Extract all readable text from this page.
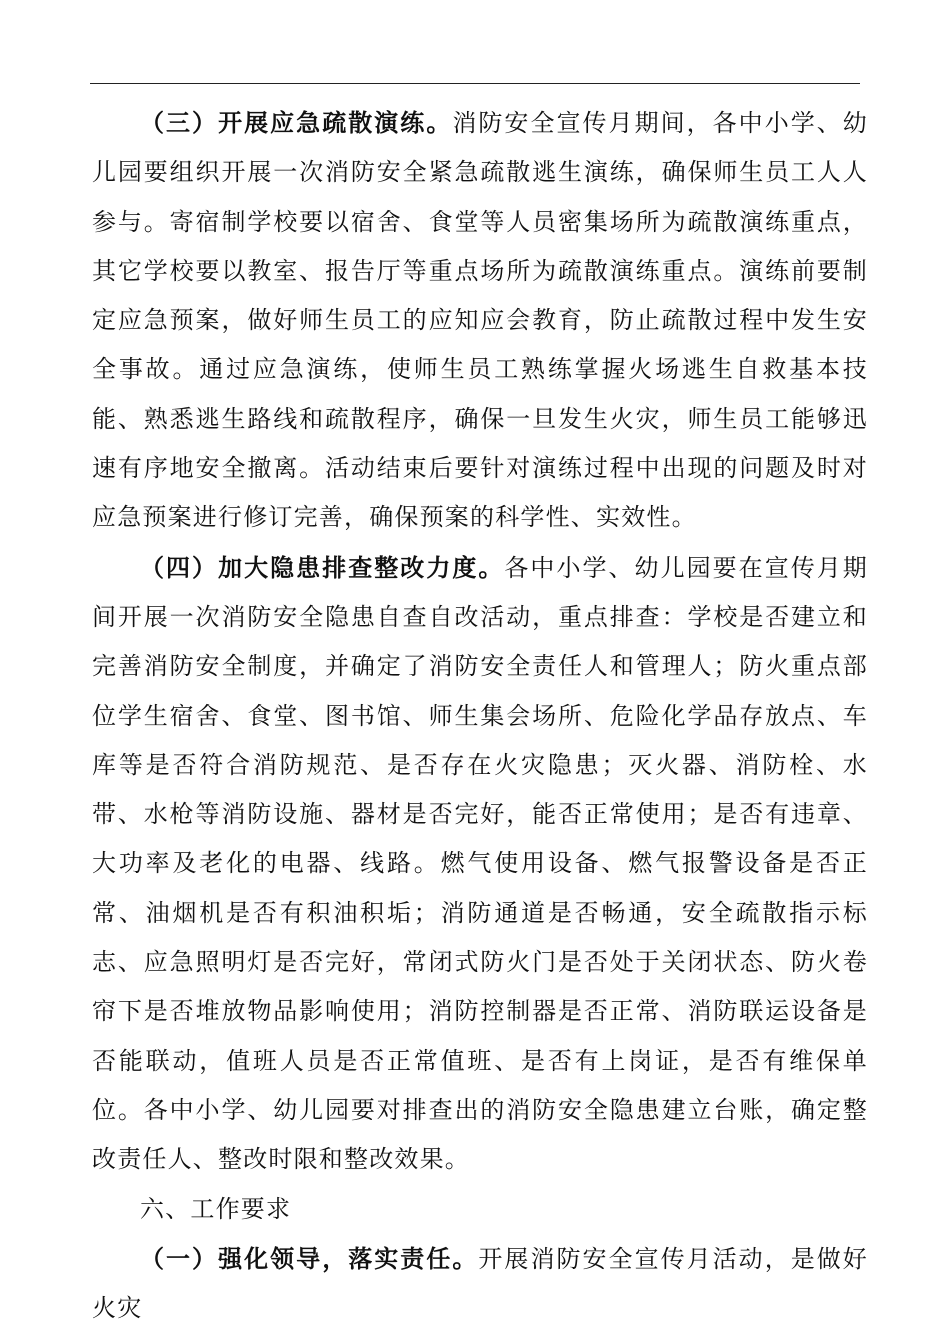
（三）开展应急疏散演练。消防安全宣传月期间，各中小学、幼儿园要组织开展一次消防安全紧急疏散逃生演练，确保师生员工人人参与。寄宿制学校要以宿舍、食堂等人员密集场所为疏散演练重点，其它学校要以教室、报告厅等重点场所为疏散演练重点。演练前要制定应急预案，做好师生员工的应知应会教育，防止疏散过程中发生安全事故。通过应急演练，使师生员工熟练掌握火场逃生自救基本技能、熟悉逃生路线和疏散程序，确保一旦发生火灾，师生员工能够迅速有序地安全撤离。活动结束后要针对演练过程中出现的问题及时对应急预案进行修订完善，确保预案的科学性、实效性。

（四）加大隐患排查整改力度。各中小学、幼儿园要在宣传月期间开展一次消防安全隐患自查自改活动，重点排查：学校是否建立和完善消防安全制度，并确定了消防安全责任人和管理人；防火重点部位学生宿舍、食堂、图书馆、师生集会场所、危险化学品存放点、车库等是否符合消防规范、是否存在火灾隐患；灭火器、消防栓、水带、水枪等消防设施、器材是否完好，能否正常使用；是否有违章、大功率及老化的电器、线路。燃气使用设备、燃气报警设备是否正常、油烟机是否有积油积垢；消防通道是否畅通，安全疏散指示标志、应急照明灯是否完好，常闭式防火门是否处于关闭状态、防火卷帘下是否堆放物品影响使用；消防控制器是否正常、消防联运设备是否能联动，值班人员是否正常值班、是否有上岗证，是否有维保单位。各中小学、幼儿园要对排查出的消防安全隐患建立台账，确定整改责任人、整改时限和整改效果。

六、工作要求

（一）强化领导，落实责任。开展消防安全宣传月活动，是做好火灾
